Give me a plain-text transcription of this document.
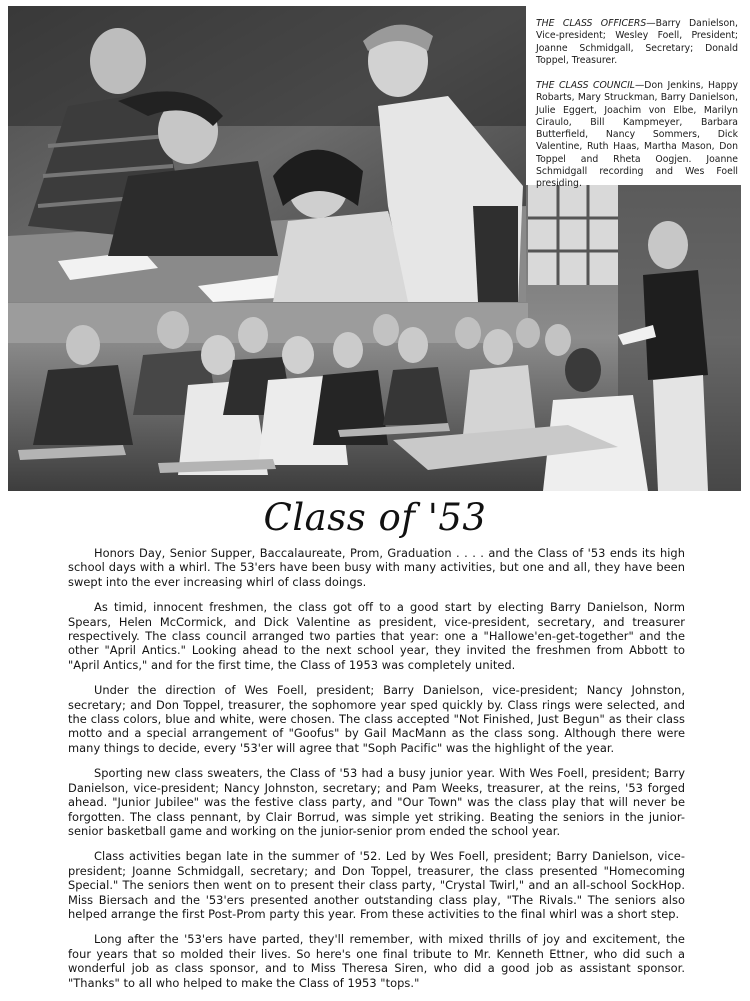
THE CLASS OFFICERS—Barry Danielson, Vice-president; Wesley Foell, President; Joanne Schmidgall, Secretary; Donald Toppel, Treasurer.
THE CLASS COUNCIL—Don Jenkins, Happy Robarts, Mary Struckman, Barry Danielson, Julie Eggert, Joachim von Elbe, Marilyn Ciraulo, Bill Kampmeyer, Barbara Butterfield, Nancy Sommers, Dick Valentine, Ruth Haas, Martha Mason, Don Toppel and Rheta Oogjen. Joanne Schmidgall recording and Wes Foell presiding.
Class of '53

Honors Day, Senior Supper, Baccalaureate, Prom, Graduation . . . . and the Class of '53 ends its high school days with a whirl. The 53'ers have been busy with many activities, but one and all, they have been swept into the ever increasing whirl of class doings.

As timid, innocent freshmen, the class got off to a good start by electing Barry Danielson, Norm Spears, Helen McCormick, and Dick Valentine as president, vice-president, secretary, and treasurer respectively. The class council arranged two parties that year: one a "Hallowe'en-get-together" and the other "April Antics." Looking ahead to the next school year, they invited the freshmen from Abbott to "April Antics," and for the first time, the Class of 1953 was completely united.

Under the direction of Wes Foell, president; Barry Danielson, vice-president; Nancy Johnston, secretary; and Don Toppel, treasurer, the sophomore year sped quickly by. Class rings were selected, and the class colors, blue and white, were chosen. The class accepted "Not Finished, Just Begun" as their class motto and a special arrangement of "Goofus" by Gail MacMann as the class song. Although there were many things to decide, every '53'er will agree that "Soph Pacific" was the highlight of the year.

Sporting new class sweaters, the Class of '53 had a busy junior year. With Wes Foell, president; Barry Danielson, vice-president; Nancy Johnston, secretary; and Pam Weeks, treasurer, at the reins, '53 forged ahead. "Junior Jubilee" was the festive class party, and "Our Town" was the class play that will never be forgotten. The class pennant, by Clair Borrud, was simple yet striking. Beating the seniors in the junior-senior basketball game and working on the junior-senior prom ended the school year.

Class activities began late in the summer of '52. Led by Wes Foell, president; Barry Danielson, vice-president; Joanne Schmidgall, secretary; and Don Toppel, treasurer, the class presented "Homecoming Special." The seniors then went on to present their class party, "Crystal Twirl," and an all-school SockHop. Miss Biersach and the '53'ers presented another outstanding class play, "The Rivals." The seniors also helped arrange the first Post-Prom party this year. From these activities to the final whirl was a short step.

Long after the '53'ers have parted, they'll remember, with mixed thrills of joy and excitement, the four years that so molded their lives. So here's one final tribute to Mr. Kenneth Ettner, who did such a wonderful job as class sponsor, and to Miss Theresa Siren, who did a good job as assistant sponsor. "Thanks" to all who helped to make the Class of 1953 "tops."
